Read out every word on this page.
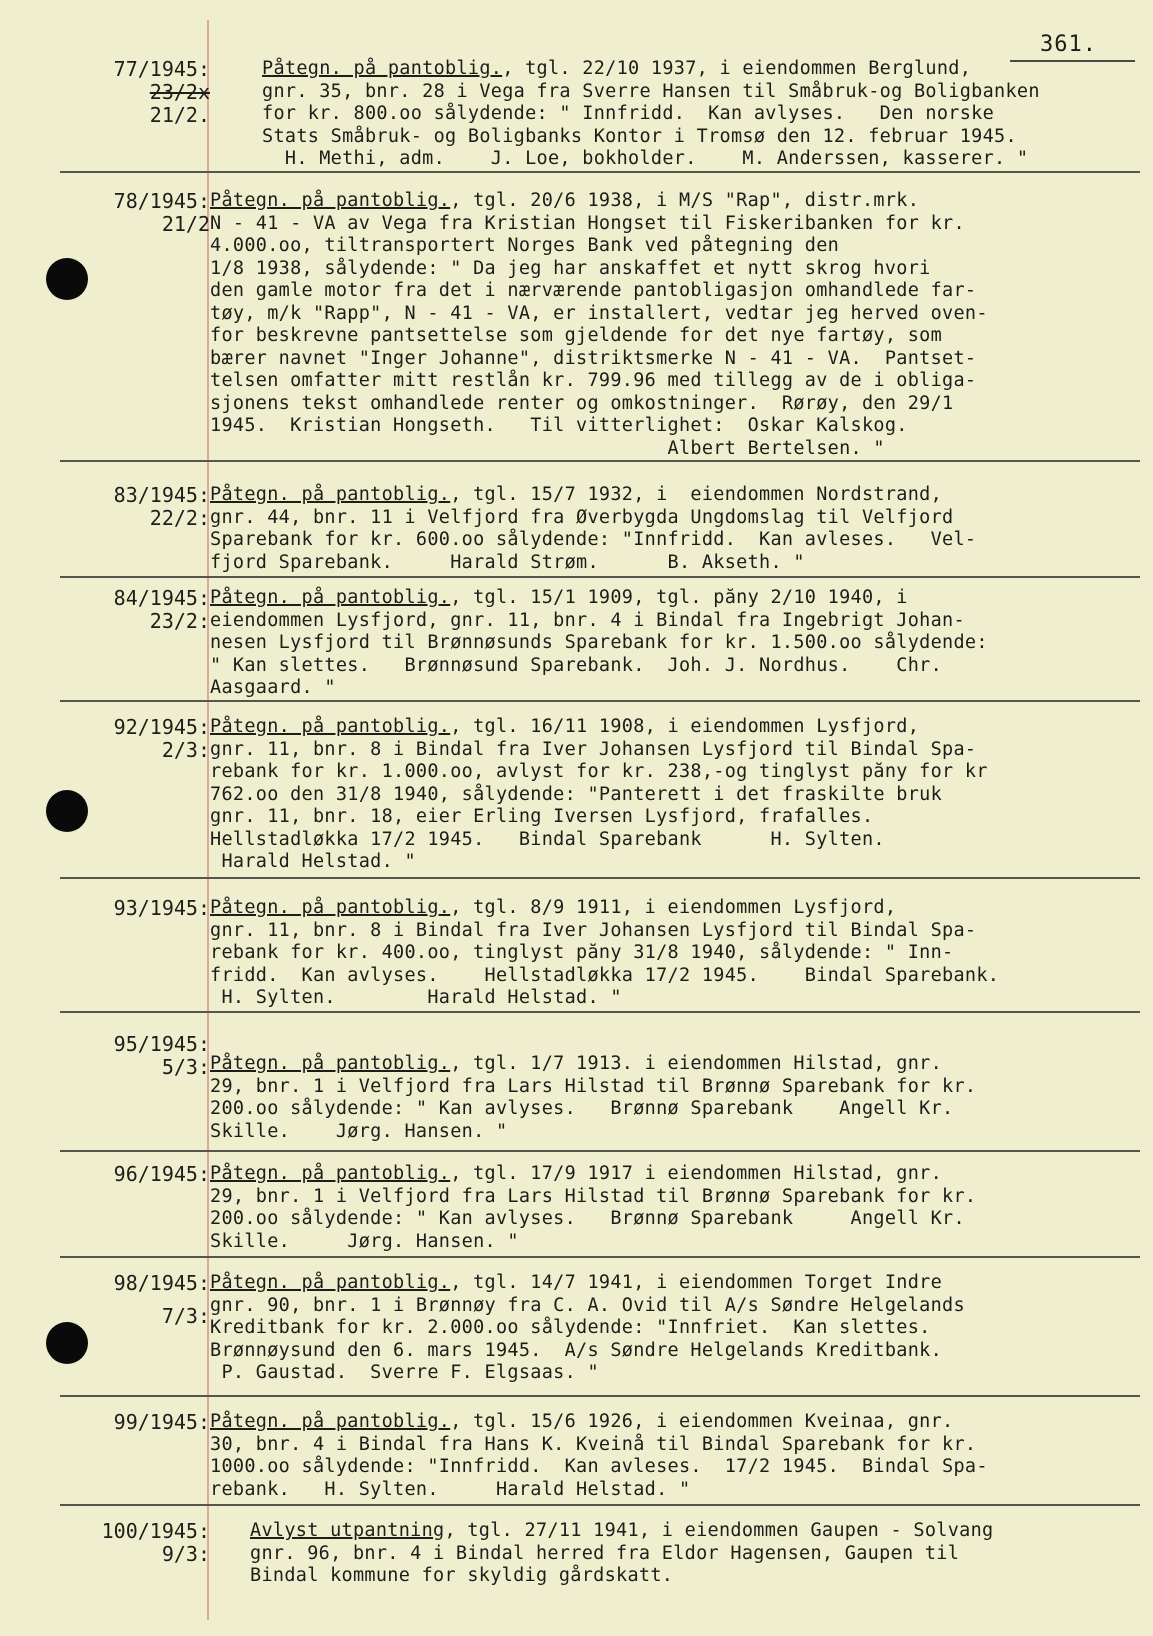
361.
77/1945:
23/2x
21/2.
Påtegn. på pantoblig., tgl. 22/10 1937, i eiendommen Berglund,
gnr. 35, bnr. 28 i Vega fra Sverre Hansen til Småbruk-og Boligbanken
for kr. 800.oo sålydende: " Innfridd.  Kan avlyses.   Den norske
Stats Småbruk- og Boligbanks Kontor i Tromsø den 12. februar 1945.
H. Methi, adm.    J. Loe, bokholder.    M. Anderssen, kasserer. "
78/1945:
21/2
Påtegn. på pantoblig., tgl. 20/6 1938, i M/S "Rap", distr.mrk.
N - 41 - VA av Vega fra Kristian Hongset til Fiskeribanken for kr.
4.000.oo, tiltransportert Norges Bank ved påtegning den
1/8 1938, sålydende: " Da jeg har anskaffet et nytt skrog hvori
den gamle motor fra det i nærværende pantobligasjon omhandlede far-
tøy, m/k "Rapp", N - 41 - VA, er installert, vedtar jeg herved oven-
for beskrevne pantsettelse som gjeldende for det nye fartøy, som
bærer navnet "Inger Johanne", distriktsmerke N - 41 - VA.  Pantset-
telsen omfatter mitt restlån kr. 799.96 med tillegg av de i obliga-
sjonens tekst omhandlede renter og omkostninger.  Rørøy, den 29/1
1945.  Kristian Hongseth.   Til vitterlighet:  Oskar Kalskog.
Albert Bertelsen. "
83/1945:
22/2:
Påtegn. på pantoblig., tgl. 15/7 1932, i  eiendommen Nordstrand,
gnr. 44, bnr. 11 i Velfjord fra Øverbygda Ungdomslag til Velfjord
Sparebank for kr. 600.oo sålydende: "Innfridd.  Kan avleses.   Vel-
fjord Sparebank.     Harald Strøm.      B. Akseth. "
84/1945:
23/2:
Påtegn. på pantoblig., tgl. 15/1 1909, tgl. pӑny 2/10 1940, i
eiendommen Lysfjord, gnr. 11, bnr. 4 i Bindal fra Ingebrigt Johan-
nesen Lysfjord til Brønnøsunds Sparebank for kr. 1.500.oo sålydende:
" Kan slettes.   Brønnøsund Sparebank.  Joh. J. Nordhus.    Chr.
Aasgaard. "
92/1945:
2/3:
Påtegn. på pantoblig., tgl. 16/11 1908, i eiendommen Lysfjord,
gnr. 11, bnr. 8 i Bindal fra Iver Johansen Lysfjord til Bindal Spa-
rebank for kr. 1.000.oo, avlyst for kr. 238,-og tinglyst pӑny for kr
762.oo den 31/8 1940, sålydende: "Panterett i det fraskilte bruk
gnr. 11, bnr. 18, eier Erling Iversen Lysfjord, frafalles.
Hellstadløkka 17/2 1945.   Bindal Sparebank      H. Sylten.
Harald Helstad. "
93/1945: Påtegn. på pantoblig., tgl. 8/9 1911, i eiendommen Lysfjord,
gnr. 11, bnr. 8 i Bindal fra Iver Johansen Lysfjord til Bindal Spa-
rebank for kr. 400.oo, tinglyst pӑny 31/8 1940, sålydende: " Inn-
fridd.  Kan avlyses.    Hellstadløkka 17/2 1945.    Bindal Sparebank.
H. Sylten.        Harald Helstad. "
95/1945:
5/3: Påtegn. på pantoblig., tgl. 1/7 1913. i eiendommen Hilstad, gnr.
29, bnr. 1 i Velfjord fra Lars Hilstad til Brønnø Sparebank for kr.
200.oo sålydende: " Kan avlyses.   Brønnø Sparebank    Angell Kr.
Skille.    Jørg. Hansen. "
96/1945: Påtegn. på pantoblig., tgl. 17/9 1917 i eiendommen Hilstad, gnr.
29, bnr. 1 i Velfjord fra Lars Hilstad til Brønnø Sparebank for kr.
200.oo sålydende: " Kan avlyses.   Brønnø Sparebank     Angell Kr.
Skille.     Jørg. Hansen. "
98/1945:
7/3:
Påtegn. på pantoblig., tgl. 14/7 1941, i eiendommen Torget Indre
gnr. 90, bnr. 1 i Brønnøy fra C. A. Ovid til A/s Søndre Helgelands
Kreditbank for kr. 2.000.oo sålydende: "Innfriet.  Kan slettes.
Brønnøysund den 6. mars 1945.  A/s Søndre Helgelands Kreditbank.
P. Gaustad.  Sverre F. Elgsaas. "
99/1945: Påtegn. på pantoblig., tgl. 15/6 1926, i eiendommen Kveinaa, gnr.
30, bnr. 4 i Bindal fra Hans K. Kveinå til Bindal Sparebank for kr.
1000.oo sålydende: "Innfridd.  Kan avleses.  17/2 1945.  Bindal Spa-
rebank.   H. Sylten.     Harald Helstad. "
100/1945:
9/3:
Avlyst utpantning, tgl. 27/11 1941, i eiendommen Gaupen - Solvang
gnr. 96, bnr. 4 i Bindal herred fra Eldor Hagensen, Gaupen til
Bindal kommune for skyldig gårdskatt.
